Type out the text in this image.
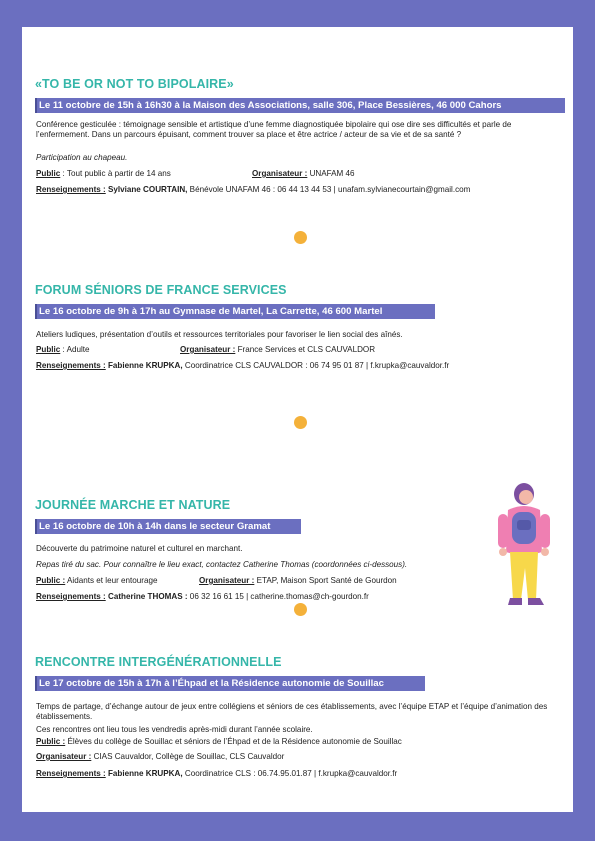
«TO BE OR NOT TO BIPOLAIRE»
Le 11 octobre de 15h à 16h30 à la Maison des Associations, salle 306, Place Bessières, 46 000 Cahors

Conférence gesticulée : témoignage sensible et artistique d’une femme diagnostiquée bipolaire qui ose dire ses difficultés et parle de l’enfermement. Dans un parcours épuisant, comment trouver sa place et être actrice / acteur de sa vie et de sa santé ?

Participation au chapeau.

Public : Tout public à partir de 14 ans	Organisateur : UNAFAM 46
Renseignements : Sylviane COURTAIN, Bénévole UNAFAM 46 : 06 44 13 44 53 | unafam.sylvianecourtain@gmail.com
FORUM SÉNIORS DE FRANCE SERVICES
Le 16 octobre de 9h à 17h au Gymnase de Martel, La Carrette, 46 600 Martel

Ateliers ludiques, présentation d’outils et ressources territoriales pour favoriser le lien social des aînés.

Public : Adulte	Organisateur : France Services et CLS CAUVALDOR
Renseignements : Fabienne KRUPKA, Coordinatrice CLS CAUVALDOR : 06 74 95 01 87 | f.krupka@cauvaldor.fr
JOURNÉE MARCHE ET NATURE
Le 16 octobre de 10h à 14h dans le secteur Gramat

Découverte du patrimoine naturel et culturel en marchant.

Repas tiré du sac. Pour connaître le lieu exact, contactez Catherine Thomas (coordonnées ci-dessous).

Public : Aidants et leur entourage	Organisateur : ETAP, Maison Sport Santé de Gourdon
Renseignements : Catherine THOMAS : 06 32 16 61 15 | catherine.thomas@ch-gourdon.fr
RENCONTRE INTERGÉNÉRATIONNELLE
Le 17 octobre de 15h à 17h à l’Éhpad et la Résidence autonomie de Souillac

Temps de partage, d’échange autour de jeux entre collégiens et séniors de ces établissements, avec l’équipe ETAP et l’équipe d’animation des établissements.

Ces rencontres ont lieu tous les vendredis après-midi durant l’année scolaire.

Public : Élèves du collège de Souillac et séniors de l’Éhpad et de la Résidence autonomie de Souillac
Organisateur : CIAS Cauvaldor, Collège de Souillac, CLS Cauvaldor
Renseignements : Fabienne KRUPKA, Coordinatrice CLS : 06.74.95.01.87 | f.krupka@cauvaldor.fr
